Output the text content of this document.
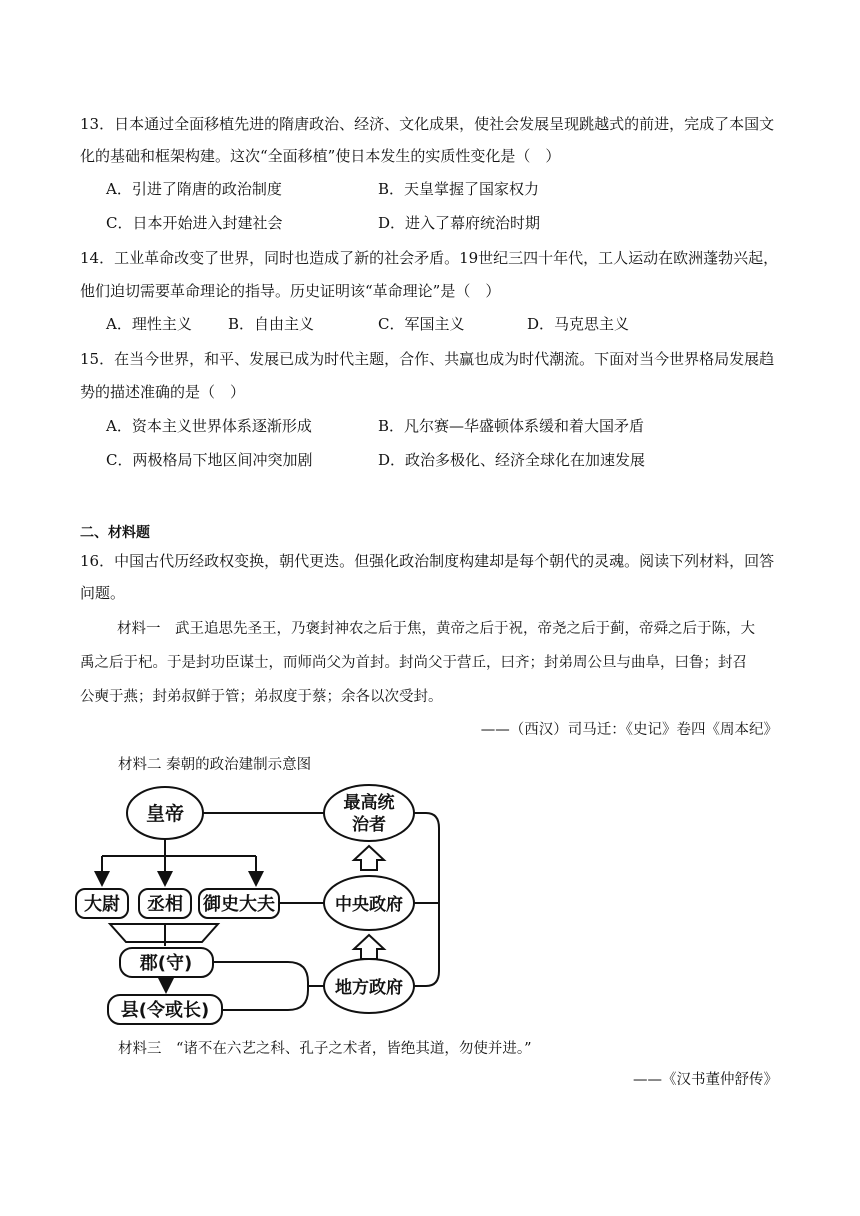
13．日本通过全面移植先进的隋唐政治、经济、文化成果，使社会发展呈现跳越式的前进，完成了本国文
化的基础和框架构建。这次“全面移植”使日本发生的实质性变化是（　）
A．引进了隋唐的政治制度	B．天皇掌握了国家权力
C．日本开始进入封建社会	D．进入了幕府统治时期
14．工业革命改变了世界，同时也造成了新的社会矛盾。19世纪三四十年代，工人运动在欧洲蓬勃兴起，
他们迫切需要革命理论的指导。历史证明该“革命理论”是（　）
A．理性主义 B．自由主义	C．军国主义	D．马克思主义
15．在当今世界，和平、发展已成为时代主题，合作、共赢也成为时代潮流。下面对当今世界格局发展趋
势的描述准确的是（　）
A．资本主义世界体系逐渐形成	B．凡尔赛—华盛顿体系缓和着大国矛盾
C．两极格局下地区间冲突加剧	D．政治多极化、经济全球化在加速发展
二、材料题
16．中国古代历经政权变换，朝代更迭。但强化政治制度构建却是每个朝代的灵魂。阅读下列材料，回答
问题。
材料一　武王追思先圣王，乃褒封神农之后于焦，黄帝之后于祝，帝尧之后于蓟，帝舜之后于陈，大
禹之后于杞。于是封功臣谋士，而师尚父为首封。封尚父于营丘，曰齐；封弟周公旦与曲阜，曰鲁；封召
公奭于燕；封弟叔鲜于管；弟叔度于蔡；余各以次受封。
——（西汉）司马迁：《史记》卷四《周本纪》
材料二 秦朝的政治建制示意图
皇帝	最高统
治者
大尉 丞相 御史大夫	中央政府
郡(守)
县(令或长)
地方政府
材料三　“诸不在六艺之科、孔子之术者，皆绝其道，勿使并进。”
——《汉书董仲舒传》
